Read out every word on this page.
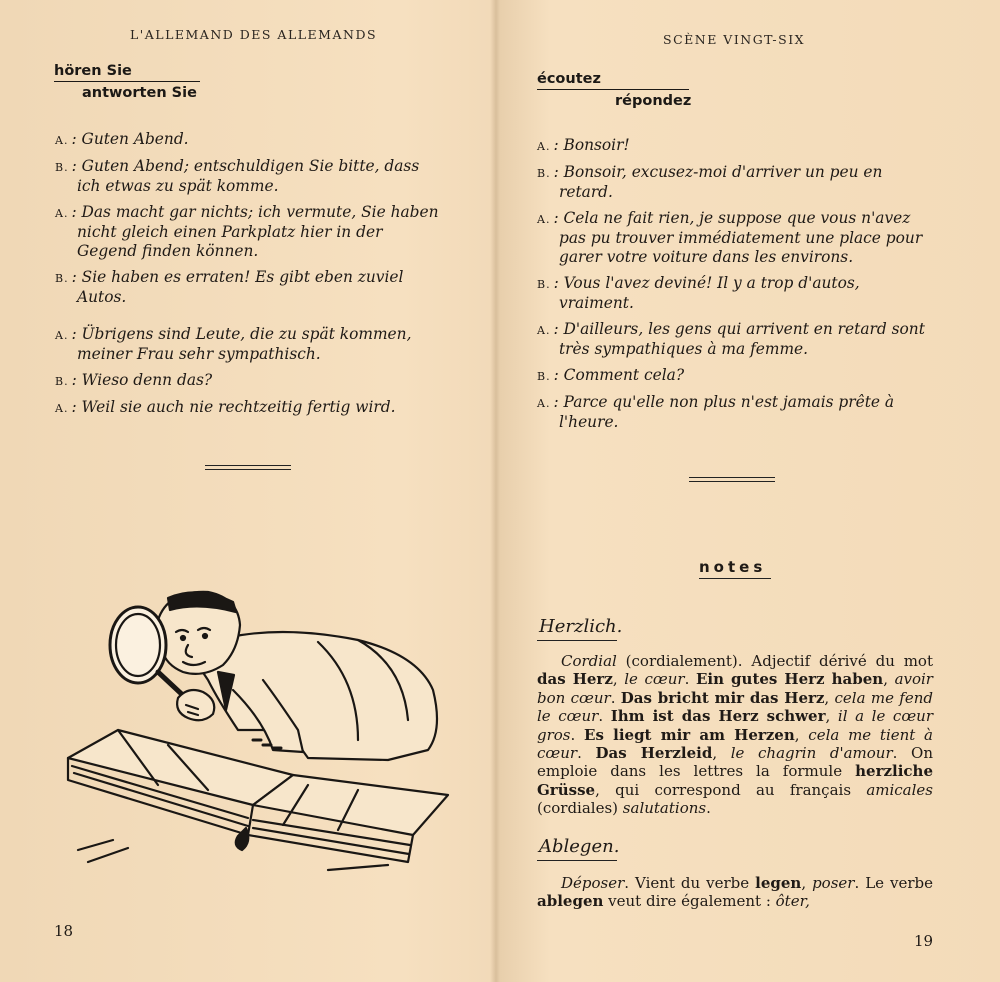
L'ALLEMAND DES ALLEMANDS
hören Sie
antworten Sie
A. : Guten Abend.
B. : Guten Abend; entschuldigen Sie bitte, dass ich etwas zu spät komme.
A. : Das macht gar nichts; ich vermute, Sie haben nicht gleich einen Parkplatz hier in der Gegend finden können.
B. : Sie haben es erraten! Es gibt eben zuviel Autos.
A. : Übrigens sind Leute, die zu spät kommen, meiner Frau sehr sympathisch.
B. : Wieso denn das?
A. : Weil sie auch nie rechtzeitig fertig wird.
18
SCÈNE VINGT-SIX
écoutez
répondez
A. : Bonsoir!
B. : Bonsoir, excusez-moi d'arriver un peu en retard.
A. : Cela ne fait rien, je suppose que vous n'avez pas pu trouver immédiatement une place pour garer votre voiture dans les environs.
B. : Vous l'avez deviné! Il y a trop d'autos, vraiment.
A. : D'ailleurs, les gens qui arrivent en retard sont très sympathiques à ma femme.
B. : Comment cela?
A. : Parce qu'elle non plus n'est jamais prête à l'heure.
notes
Herzlich.
Cordial (cordialement). Adjectif dérivé du mot das Herz, le cœur. Ein gutes Herz haben, avoir bon cœur. Das bricht mir das Herz, cela me fend le cœur. Ihm ist das Herz schwer, il a le cœur gros. Es liegt mir am Herzen, cela me tient à cœur. Das Herzleid, le chagrin d'amour. On emploie dans les lettres la formule herzliche Grüsse, qui correspond au français amicales (cordiales) salutations.
Ablegen.
Déposer. Vient du verbe legen, poser. Le verbe ablegen veut dire également : ôter,
19
